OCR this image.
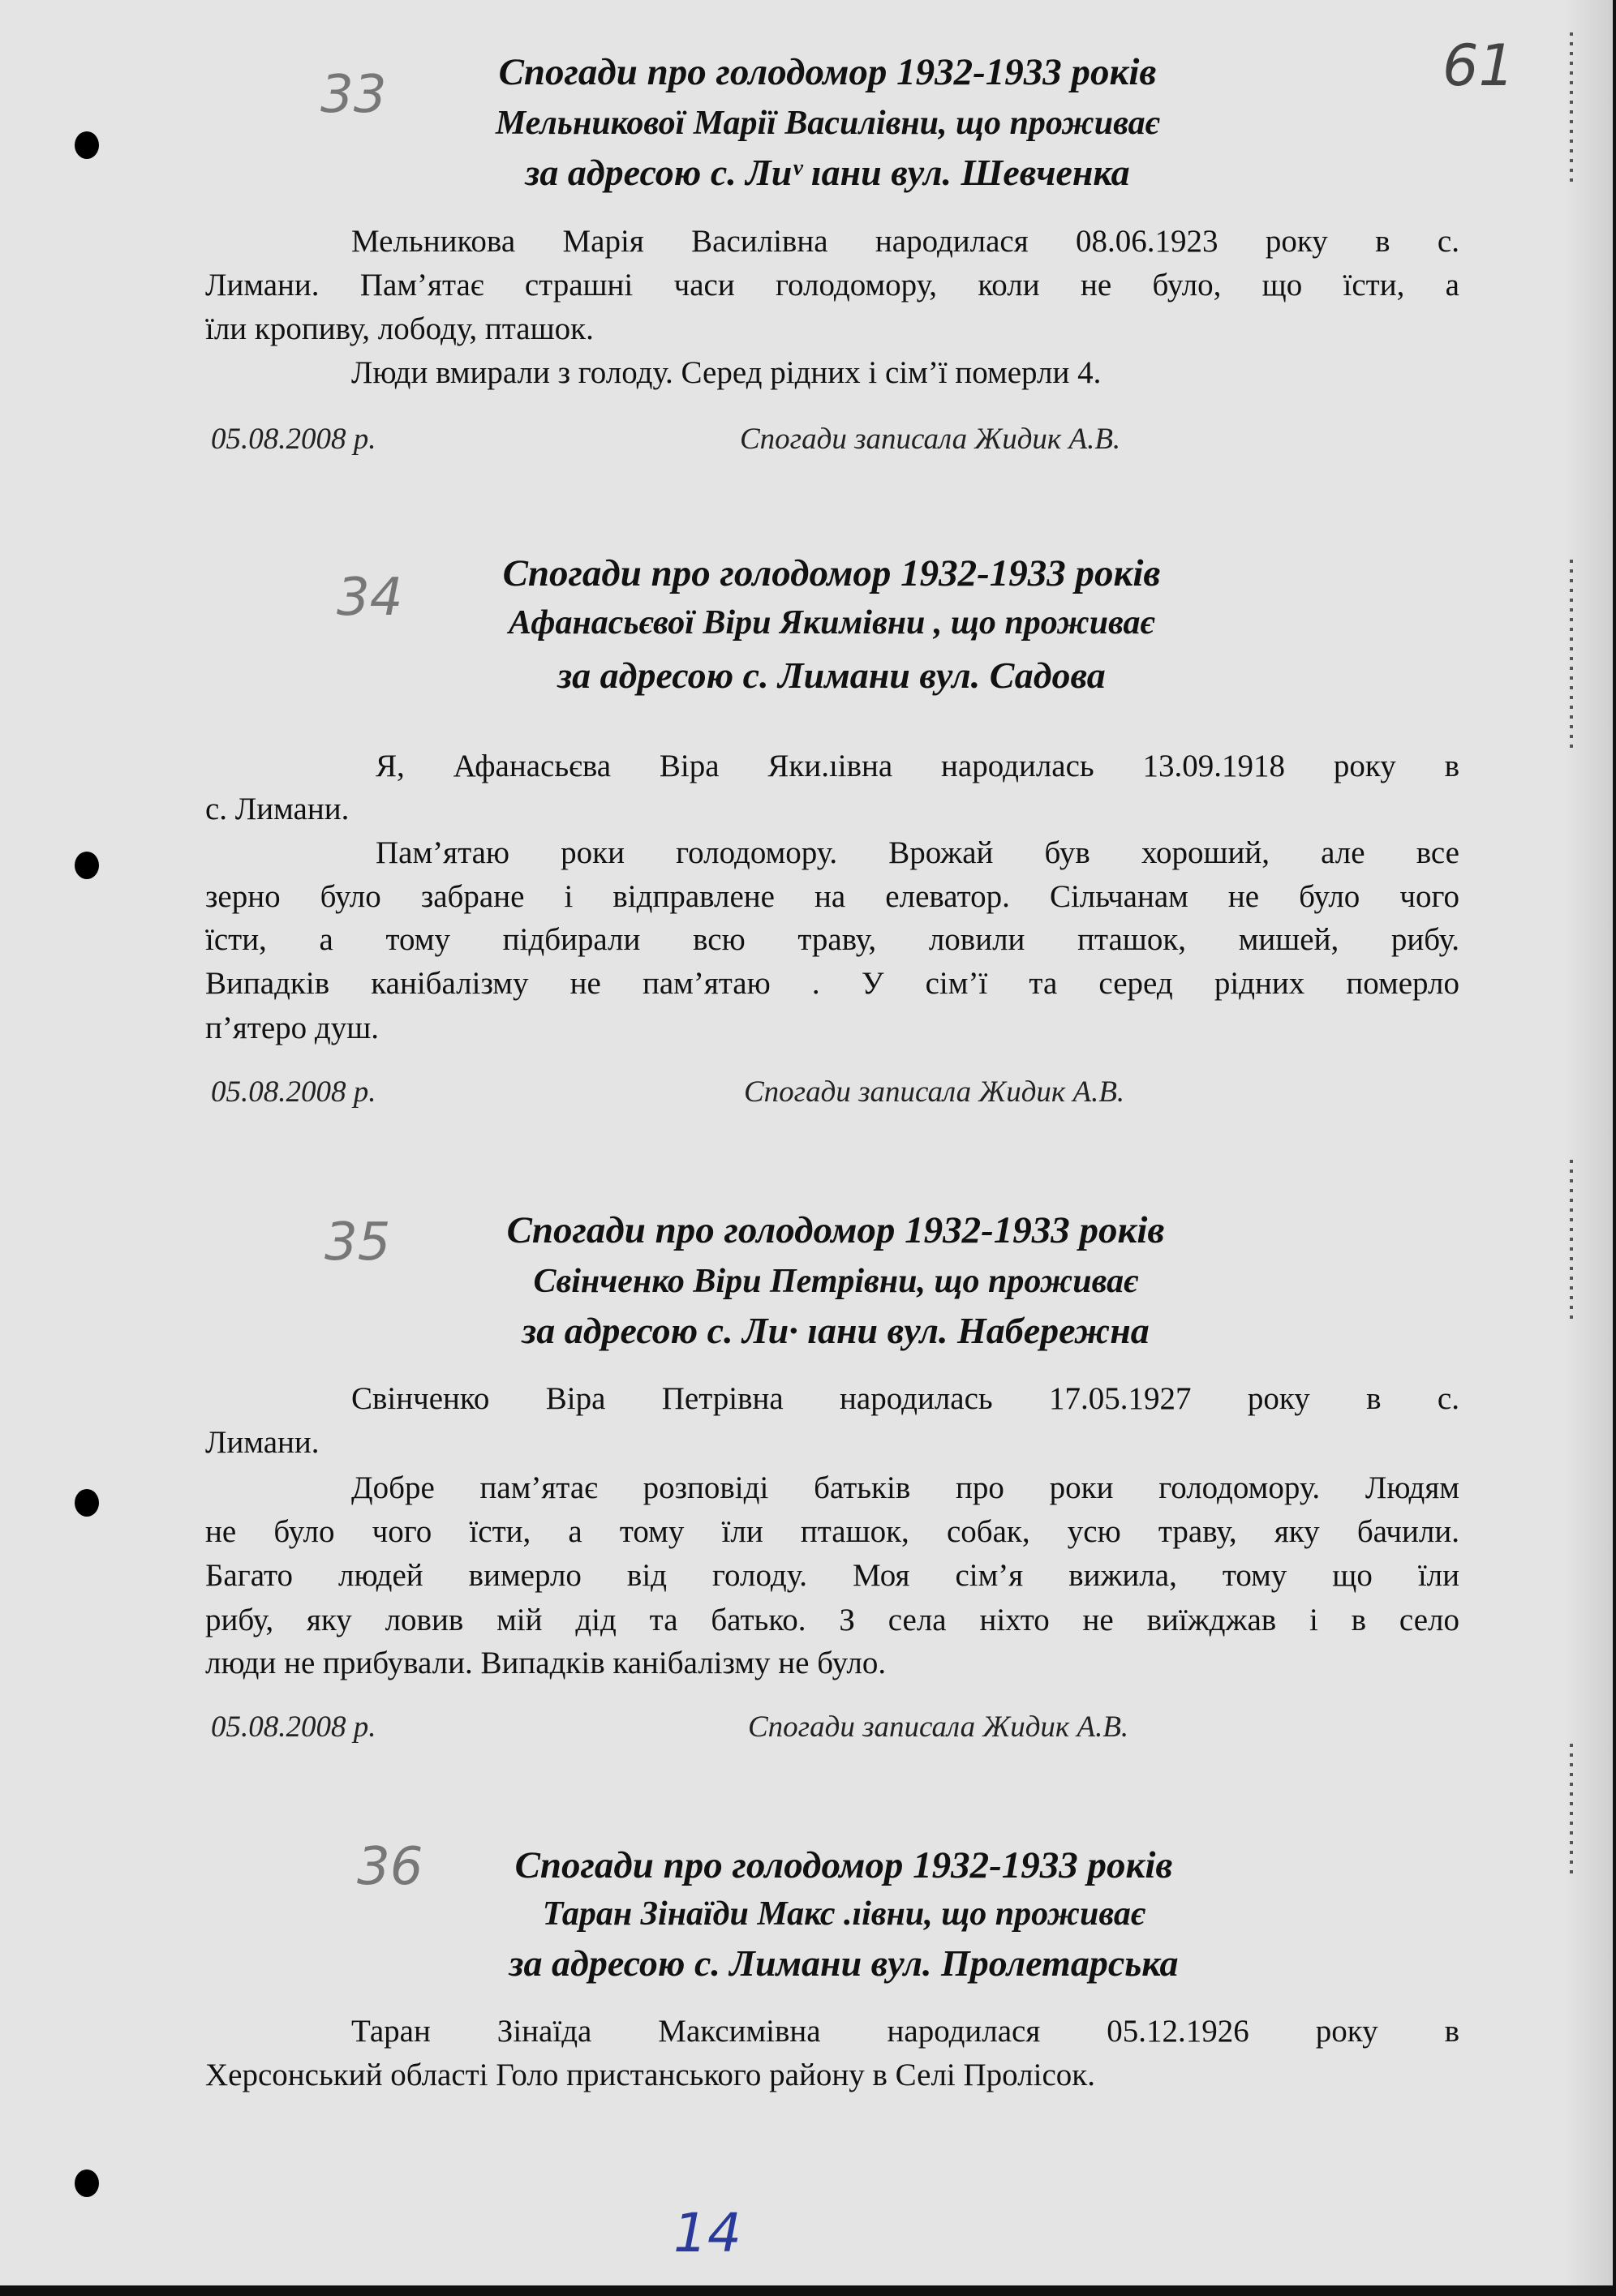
61
14
33	Спогади про голодомор 1932-1933 років
Мельникової Марії Василівни, що проживає
за адресою с. Лиᵛ ıани вул. Шевченка
Мельникова Марія Василівна народилася 08.06.1923 року в с.
Лимани. Пам’ятає страшні часи голодомору, коли не було, що їсти, а
їли кропиву, лободу, пташок.
Люди вмирали з голоду. Серед рідних і сім’ї померли 4.
05.08.2008 р.	Спогади записала Жидик А.В.
34	Спогади про голодомор 1932-1933 років
Афанасьєвої Віри Якимівни , що проживає
за адресою с. Лимани вул. Садова
Я, Афанасьєва Віра Яки.ıівна народилась 13.09.1918 року в
с. Лимани.
Пам’ятаю роки голодомору. Врожай був хороший, але все
зерно було забране і відправлене на елеватор. Сільчанам не було чого
їсти, а тому підбирали всю траву, ловили пташок, мишей, рибу.
Випадків канібалізму не пам’ятаю . У сім’ї та серед рідних померло
п’ятеро душ.
05.08.2008 р.	Спогади записала Жидик А.В.
35	Спогади про голодомор 1932-1933 років
Свінченко Віри Петрівни, що проживає
за адресою с. Ли· ıани вул. Набережна
Свінченко Віра Петрівна народилась 17.05.1927 року в с.
Лимани.
Добре пам’ятає розповіді батьків про роки голодомору. Людям
не було чого їсти, а тому їли пташок, собак, усю траву, яку бачили.
Багато людей вимерло від голоду. Моя сім’я вижила, тому що їли
рибу, яку ловив мій дід та батько. З села ніхто не виїжджав і в село
люди не прибували. Випадків канібалізму не було.
05.08.2008 р.	Спогади записала Жидик А.В.
36	Спогади про голодомор 1932-1933 років
Таран Зінаїди Макс .ıівни, що проживає
за адресою с. Лимани вул. Пролетарська
Таран Зінаїда Максимівна народилася 05.12.1926 року в
Херсонський області Голо пристанського району в Селі Пролісок.
